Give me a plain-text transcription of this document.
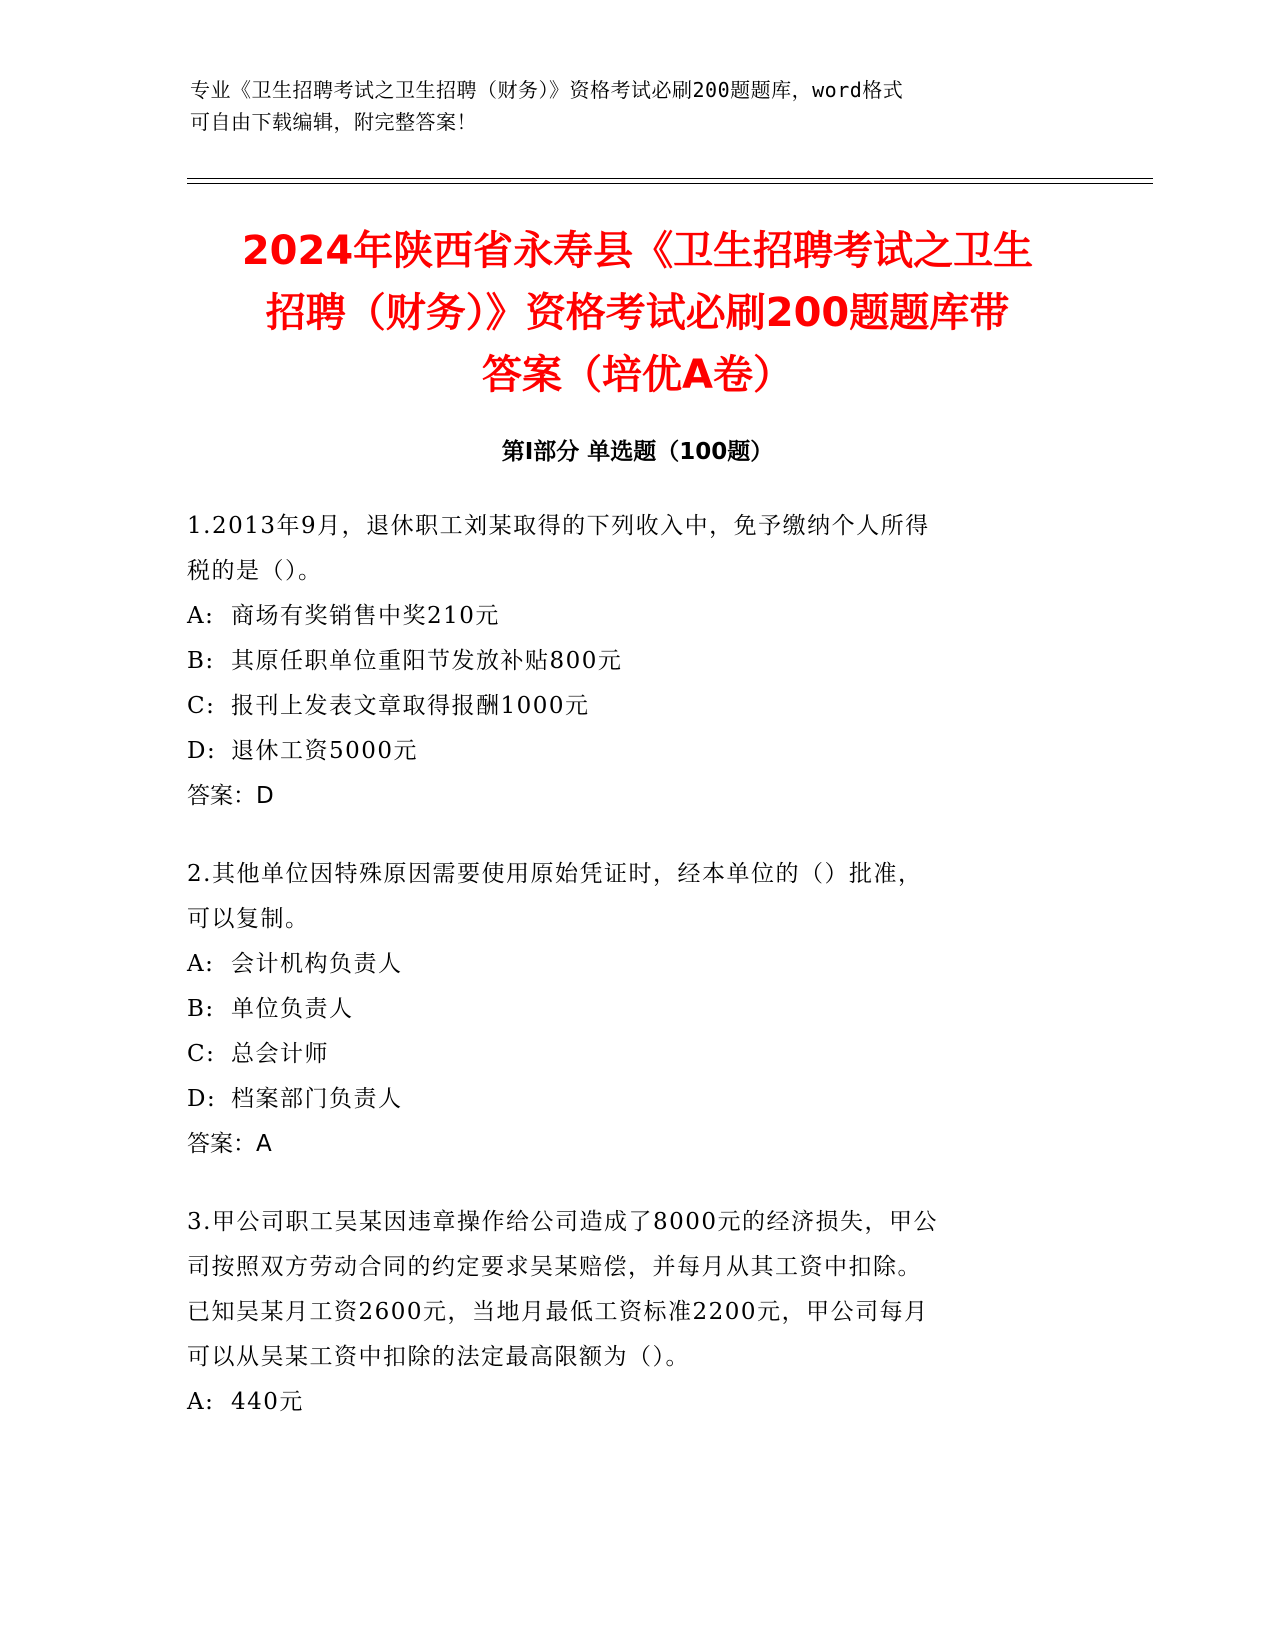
专业《卫生招聘考试之卫生招聘（财务）》资格考试必刷200题题库，word格式
可自由下载编辑，附完整答案！
2024年陕西省永寿县《卫生招聘考试之卫生
招聘（财务）》资格考试必刷200题题库带
答案（培优A卷）
第Ⅰ部分 单选题（100题）
1.2013年9月，退休职工刘某取得的下列收入中，免予缴纳个人所得
税的是（）。
A: 商场有奖销售中奖210元
B: 其原任职单位重阳节发放补贴800元
C: 报刊上发表文章取得报酬1000元
D: 退休工资5000元
答案：D
2.其他单位因特殊原因需要使用原始凭证时，经本单位的（）批准，
可以复制。
A: 会计机构负责人
B: 单位负责人
C: 总会计师
D: 档案部门负责人
答案：A
3.甲公司职工吴某因违章操作给公司造成了8000元的经济损失，甲公
司按照双方劳动合同的约定要求吴某赔偿，并每月从其工资中扣除。
已知吴某月工资2600元，当地月最低工资标准2200元，甲公司每月
可以从吴某工资中扣除的法定最高限额为（）。
A: 440元
